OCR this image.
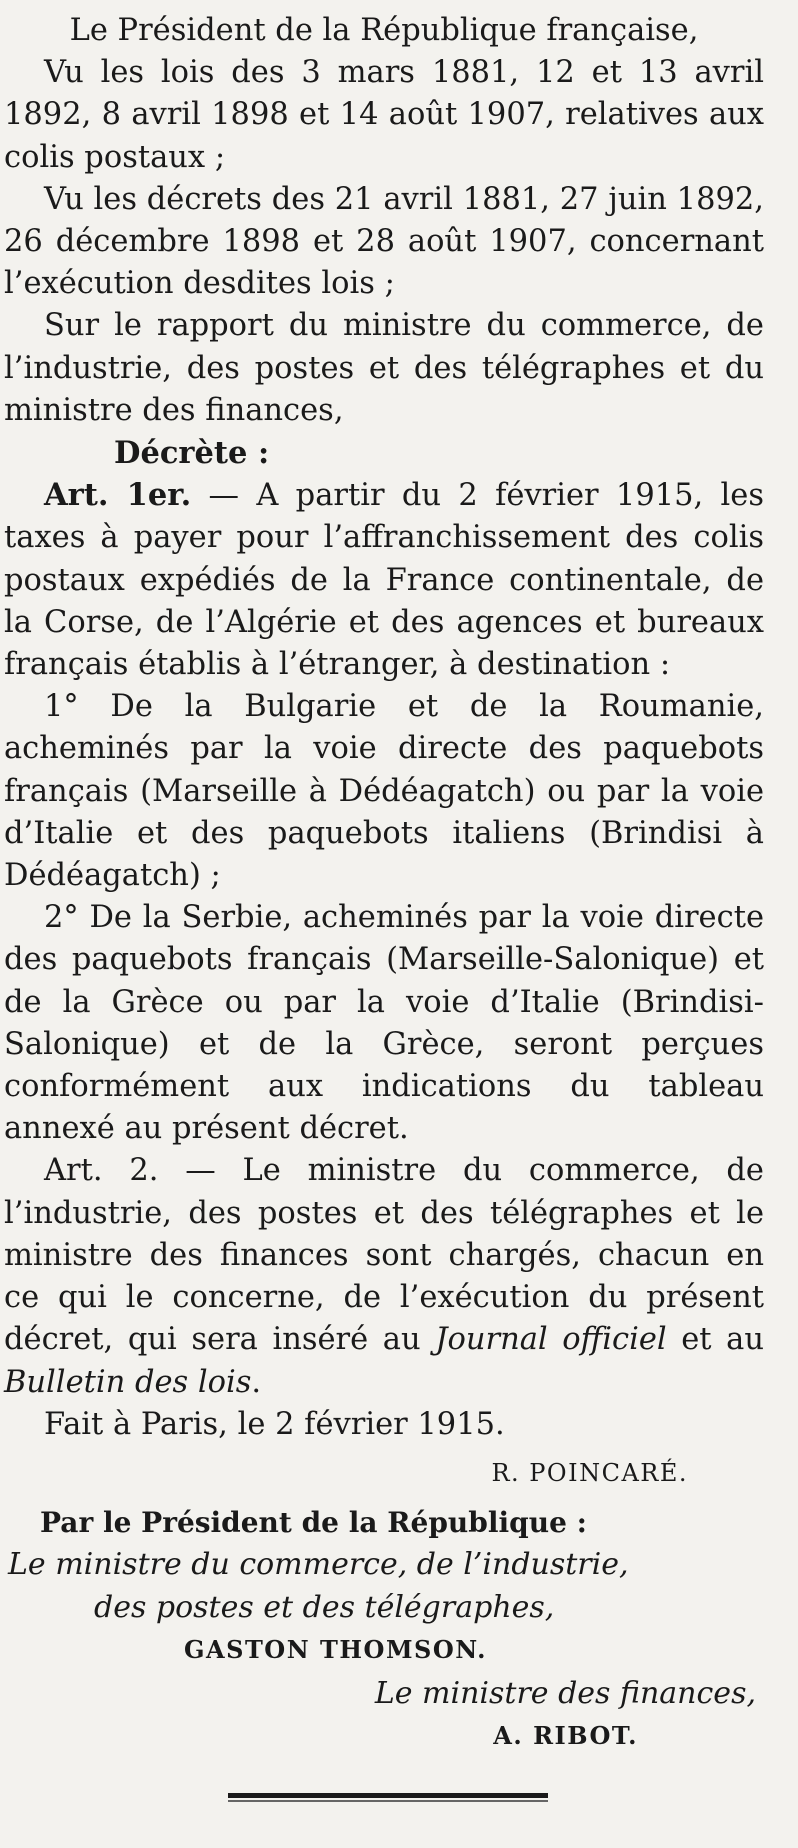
Le Président de la République française,

Vu les lois des 3 mars 1881, 12 et 13 avril 1892, 8 avril 1898 et 14 août 1907, relatives aux colis postaux ;

Vu les décrets des 21 avril 1881, 27 juin 1892, 26 décembre 1898 et 28 août 1907, concernant l’exécution desdites lois ;

Sur le rapport du ministre du commerce, de l’industrie, des postes et des télégraphes et du ministre des finances,

Décrète :

Art. 1er. — A partir du 2 février 1915, les taxes à payer pour l’affranchissement des colis postaux expédiés de la France continentale, de la Corse, de l’Algérie et des agences et bureaux français établis à l’étranger, à destination :

1° De la Bulgarie et de la Roumanie, acheminés par la voie directe des paquebots français (Marseille à Dédéagatch) ou par la voie d’Italie et des paquebots italiens (Brindisi à Dédéagatch) ;

2° De la Serbie, acheminés par la voie directe des paquebots français (Marseille-Salonique) et de la Grèce ou par la voie d’Italie (Brindisi-Salonique) et de la Grèce, seront perçues conformément aux indications du tableau annexé au présent décret.

Art. 2. — Le ministre du commerce, de l’industrie, des postes et des télégraphes et le ministre des finances sont chargés, chacun en ce qui le concerne, de l’exécution du présent décret, qui sera inséré au Journal officiel et au Bulletin des lois.

Fait à Paris, le 2 février 1915.

R. POINCARÉ.

Par le Président de la République :

Le ministre du commerce, de l’industrie,

des postes et des télégraphes,

GASTON THOMSON.

Le ministre des finances,

A. RIBOT.
